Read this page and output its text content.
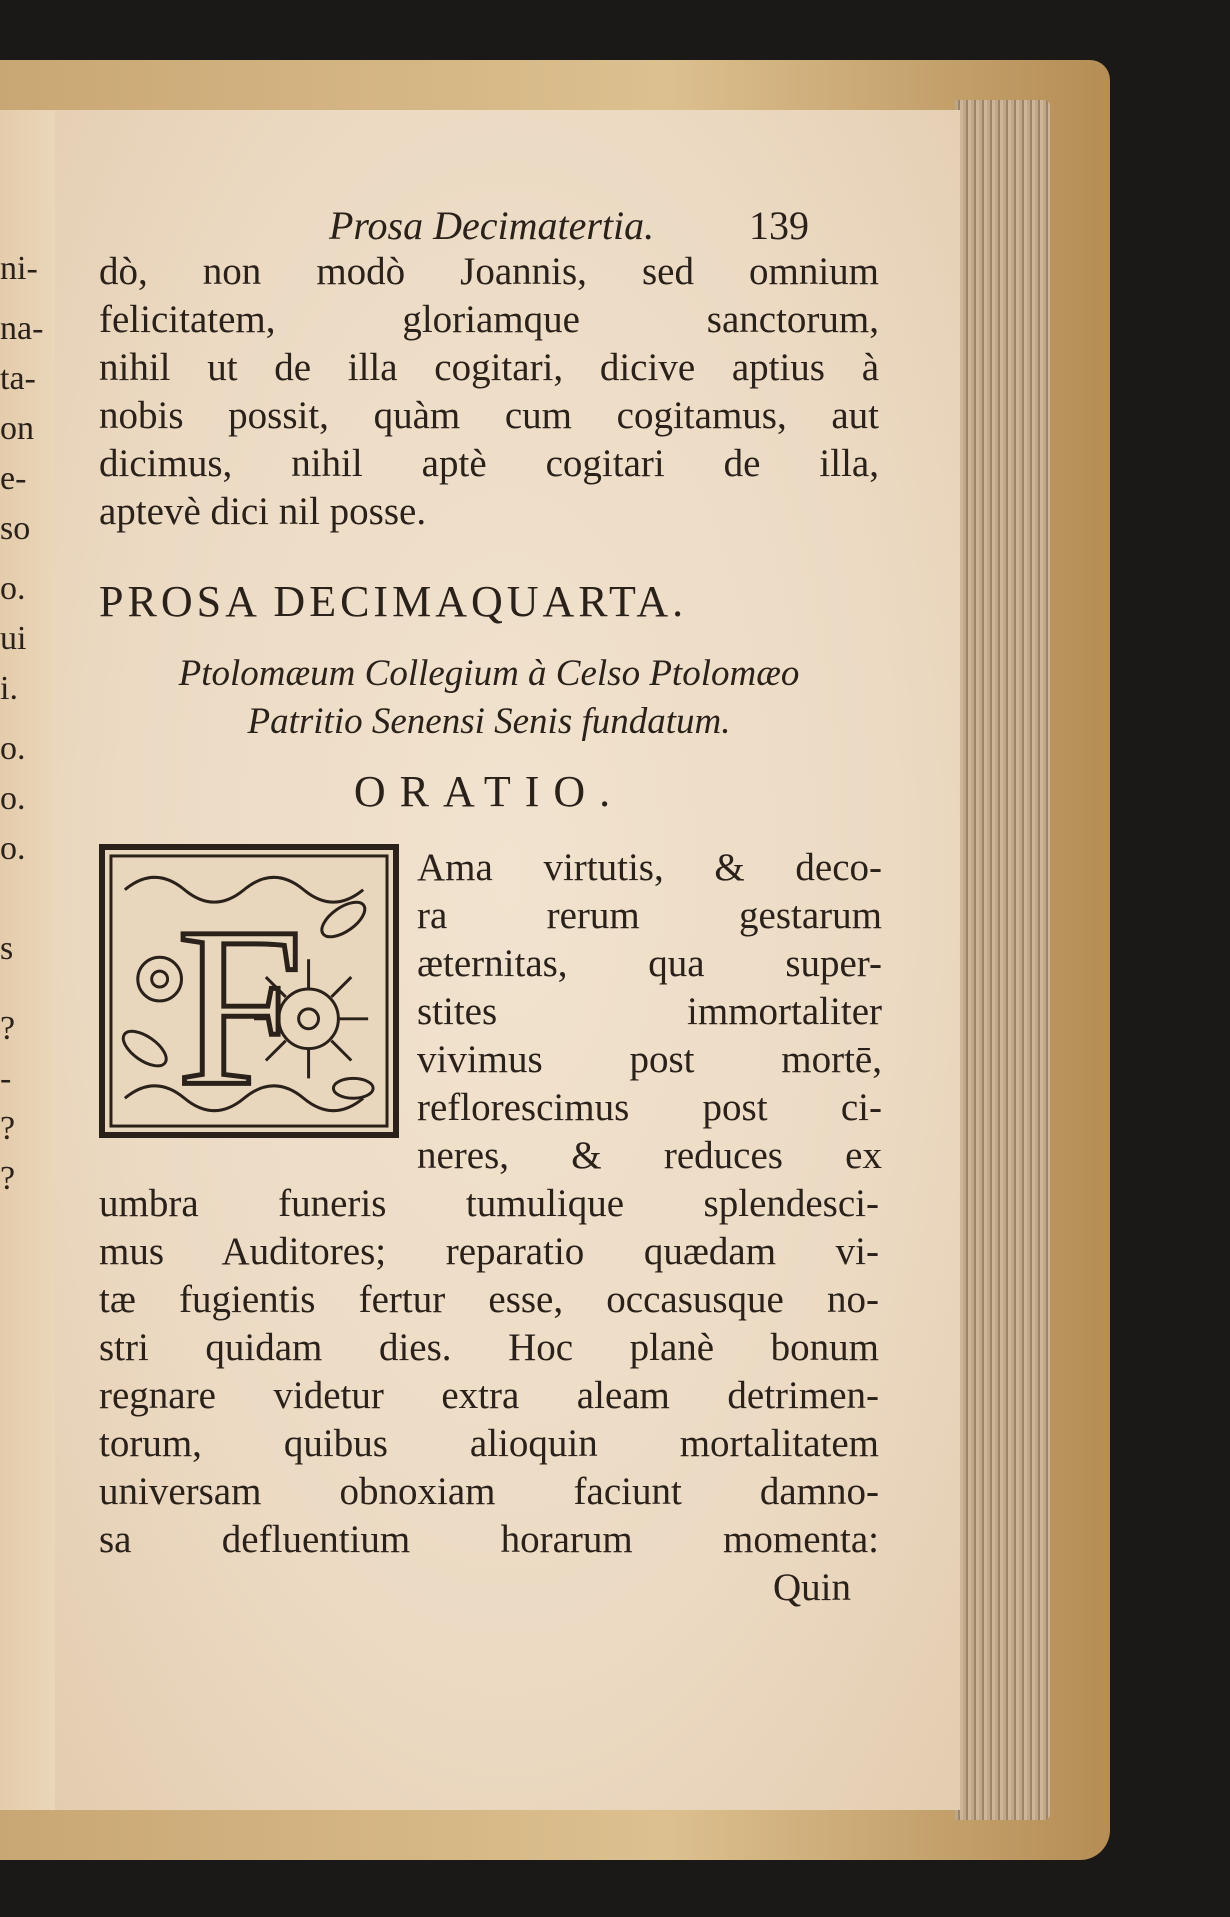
ni-
na-
ta-
on
e-
so
o.
ui
i.
o.
o.
o.
s
?
-
?
?
Prosa Decimatertia. 139
dò, non modò Joannis, sed omnium
felicitatem, gloriamque sanctorum,
nihil ut de illa cogitari, dicive aptius à
nobis possit, quàm cum cogitamus, aut
dicimus, nihil aptè cogitari de illa,
aptevè dici nil posse.
PROSA DECIMAQUARTA.
Ptolomæum Collegium à Celso Ptolomæo
Patritio Senensi Senis fundatum.
ORATIO.
F
Ama virtutis, & deco-
ra rerum gestarum
æternitas, qua super-
stites immortaliter
vivimus post mortē,
reflorescimus post ci-
neres, & reduces ex
umbra funeris tumulique splendesci-
mus Auditores; reparatio quædam vi-
tæ fugientis fertur esse, occasusque no-
stri quidam dies. Hoc planè bonum
regnare videtur extra aleam detrimen-
torum, quibus alioquin mortalitatem
universam obnoxiam faciunt damno-
sa defluentium horarum momenta:
Quin
